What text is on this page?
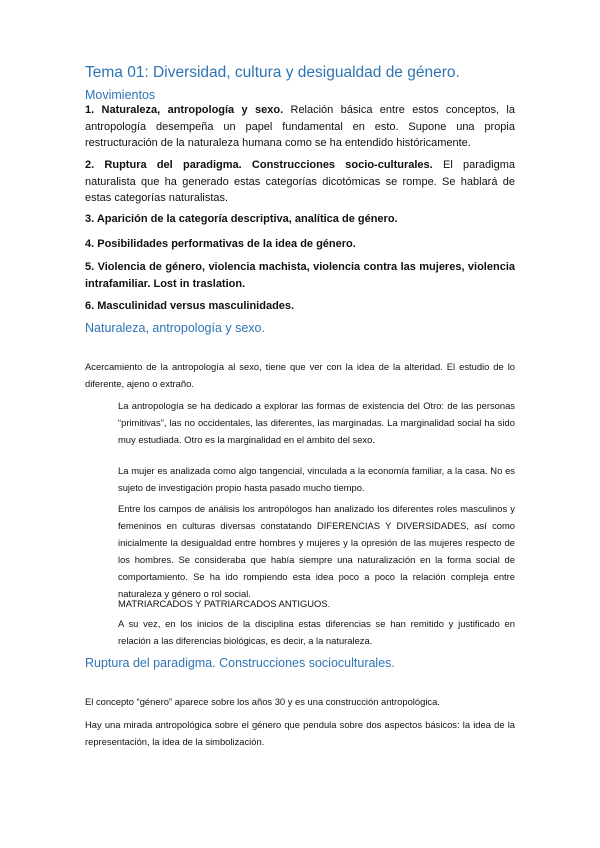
Tema 01: Diversidad, cultura y desigualdad de género.
Movimientos

1. Naturaleza, antropología y sexo. Relación básica entre estos conceptos, la antropología desempeña un papel fundamental en esto. Supone una propia restructuración de la naturaleza humana como se ha entendido históricamente.

2. Ruptura del paradigma. Construcciones socio-culturales. El paradigma naturalista que ha generado estas categorías dicotómicas se rompe. Se hablará de estas categorías naturalistas.

3. Aparición de la categoría descriptiva, analítica de género.

4. Posibilidades performativas de la idea de género.

5. Violencia de género, violencia machista, violencia contra las mujeres, violencia intrafamiliar. Lost in traslation.

6. Masculinidad versus masculinidades.

Naturaleza, antropología y sexo.

Acercamiento de la antropología al sexo, tiene que ver con la idea de la alteridad. El estudio de lo diferente, ajeno o extraño.

La antropología se ha dedicado a explorar las formas de existencia del Otro: de las personas “primitivas”, las no occidentales, las diferentes, las marginadas. La marginalidad social ha sido muy estudiada. Otro es la marginalidad en el ámbito del sexo.

La mujer es analizada como algo tangencial, vinculada a la economía familiar, a la casa. No es sujeto de investigación propio hasta pasado mucho tiempo.

Entre los campos de análisis los antropólogos han analizado los diferentes roles masculinos y femeninos en culturas diversas constatando DIFERENCIAS Y DIVERSIDADES, así como inicialmente la desigualdad entre hombres y mujeres y la opresión de las mujeres respecto de los hombres. Se consideraba que había siempre una naturalización en la forma social de comportamiento. Se ha ido rompiendo esta idea poco a poco la relación compleja entre naturaleza y género o rol social.

MATRIARCADOS Y PATRIARCADOS ANTIGUOS.

A su vez, en los inicios de la disciplina estas diferencias se han remitido y justificado en relación a las diferencias biológicas, es decir, a la naturaleza.

Ruptura del paradigma. Construcciones socioculturales.

El concepto “género” aparece sobre los años 30 y es una construcción antropológica.

Hay una mirada antropológica sobre el género que pendula sobre dos aspectos básicos: la idea de la representación, la idea de la simbolización.
